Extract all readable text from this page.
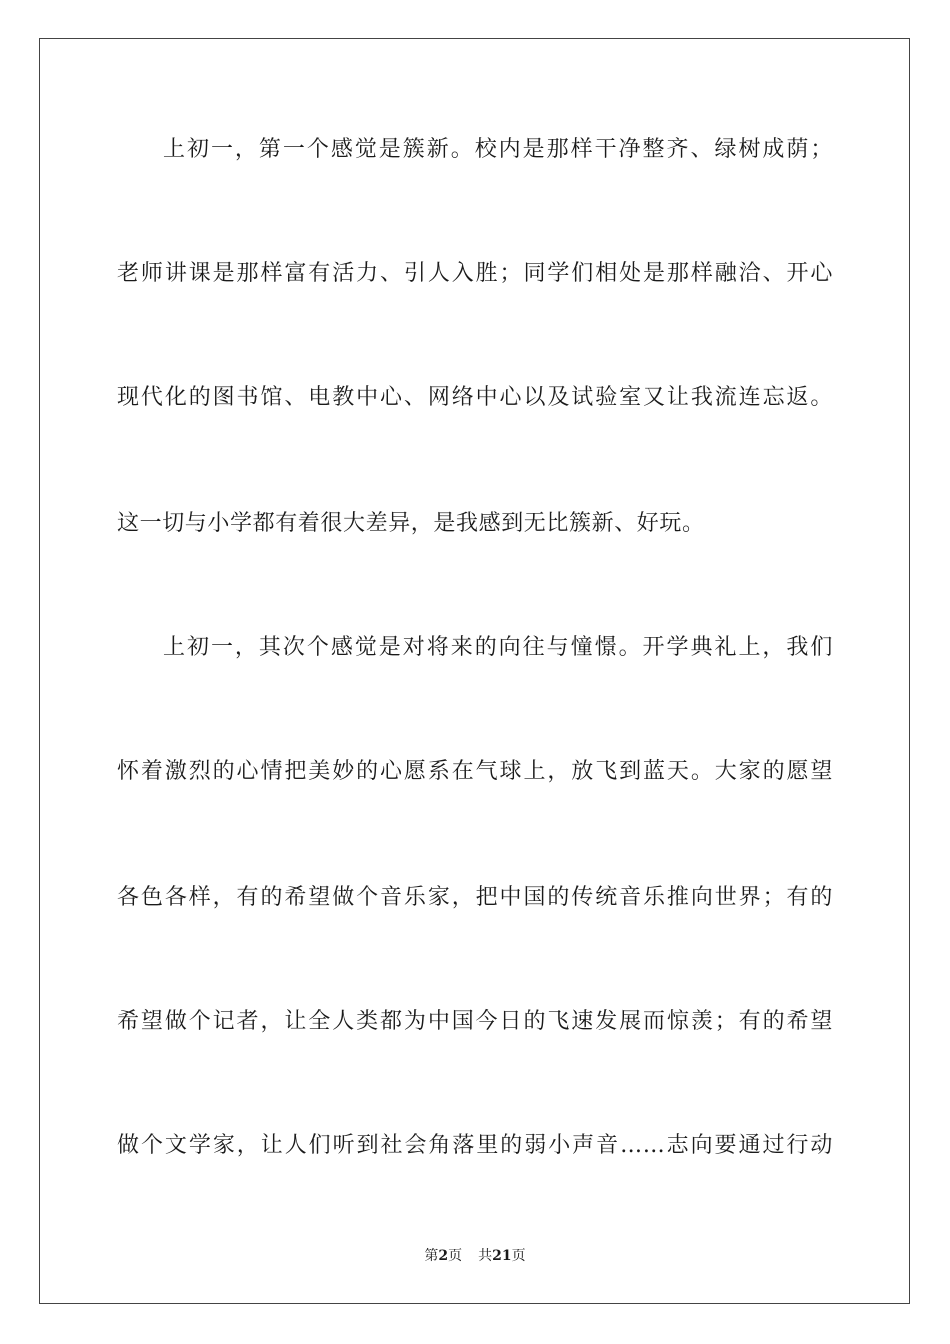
上初一，第一个感觉是簇新。校内是那样干净整齐、绿树成荫；
老师讲课是那样富有活力、引人入胜；同学们相处是那样融洽、开心
现代化的图书馆、电教中心、网络中心以及试验室又让我流连忘返。
这一切与小学都有着很大差异，是我感到无比簇新、好玩。
上初一，其次个感觉是对将来的向往与憧憬。开学典礼上，我们
怀着激烈的心情把美妙的心愿系在气球上，放飞到蓝天。大家的愿望
各色各样，有的希望做个音乐家，把中国的传统音乐推向世界；有的
希望做个记者，让全人类都为中国今日的飞速发展而惊羡；有的希望
做个文学家，让人们听到社会角落里的弱小声音……志向要通过行动
第2页 共21页
